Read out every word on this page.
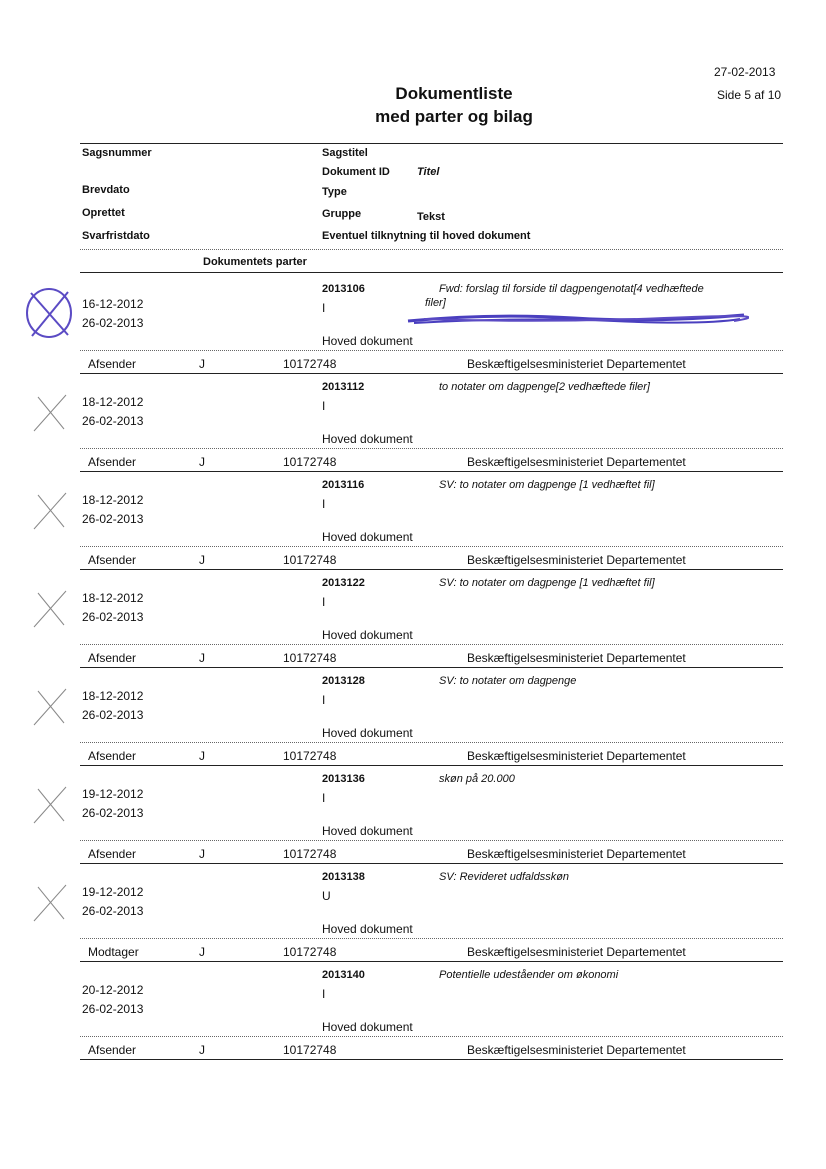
27-02-2013
Side 5 af 10
Dokumentliste
med parter og bilag
Sagsnummer	Sagstitel
Dokument ID Titel
Brevdato	Type
Oprettet	Gruppe	Tekst
Svarfristdato	Eventuel tilknytning til hoved dokument
Dokumentets parter
2013106	Fwd: forslag til forside til dagpengenotat[4 vedhæftede
filer]
16-12-2012	I
26-02-2013
Hoved dokument
Afsender	J	10172748	Beskæftigelsesministeriet Departementet
2013112	to notater om dagpenge[2 vedhæftede filer]
18-12-2012	I
26-02-2013
Hoved dokument
Afsender	J	10172748	Beskæftigelsesministeriet Departementet
2013116	SV: to notater om dagpenge [1 vedhæftet fil]
18-12-2012	I
26-02-2013
Hoved dokument
Afsender	J	10172748	Beskæftigelsesministeriet Departementet
2013122	SV: to notater om dagpenge [1 vedhæftet fil]
18-12-2012	I
26-02-2013
Hoved dokument
Afsender	J	10172748	Beskæftigelsesministeriet Departementet
2013128	SV: to notater om dagpenge
18-12-2012	I
26-02-2013
Hoved dokument
Afsender	J	10172748	Beskæftigelsesministeriet Departementet
2013136	skøn på 20.000
19-12-2012	I
26-02-2013
Hoved dokument
Afsender	J	10172748	Beskæftigelsesministeriet Departementet
2013138	SV: Revideret udfaldsskøn
19-12-2012	U
26-02-2013
Hoved dokument
Modtager	J	10172748	Beskæftigelsesministeriet Departementet
2013140	Potentielle udeståender om økonomi
20-12-2012	I
26-02-2013
Hoved dokument
Afsender	J	10172748	Beskæftigelsesministeriet Departementet
